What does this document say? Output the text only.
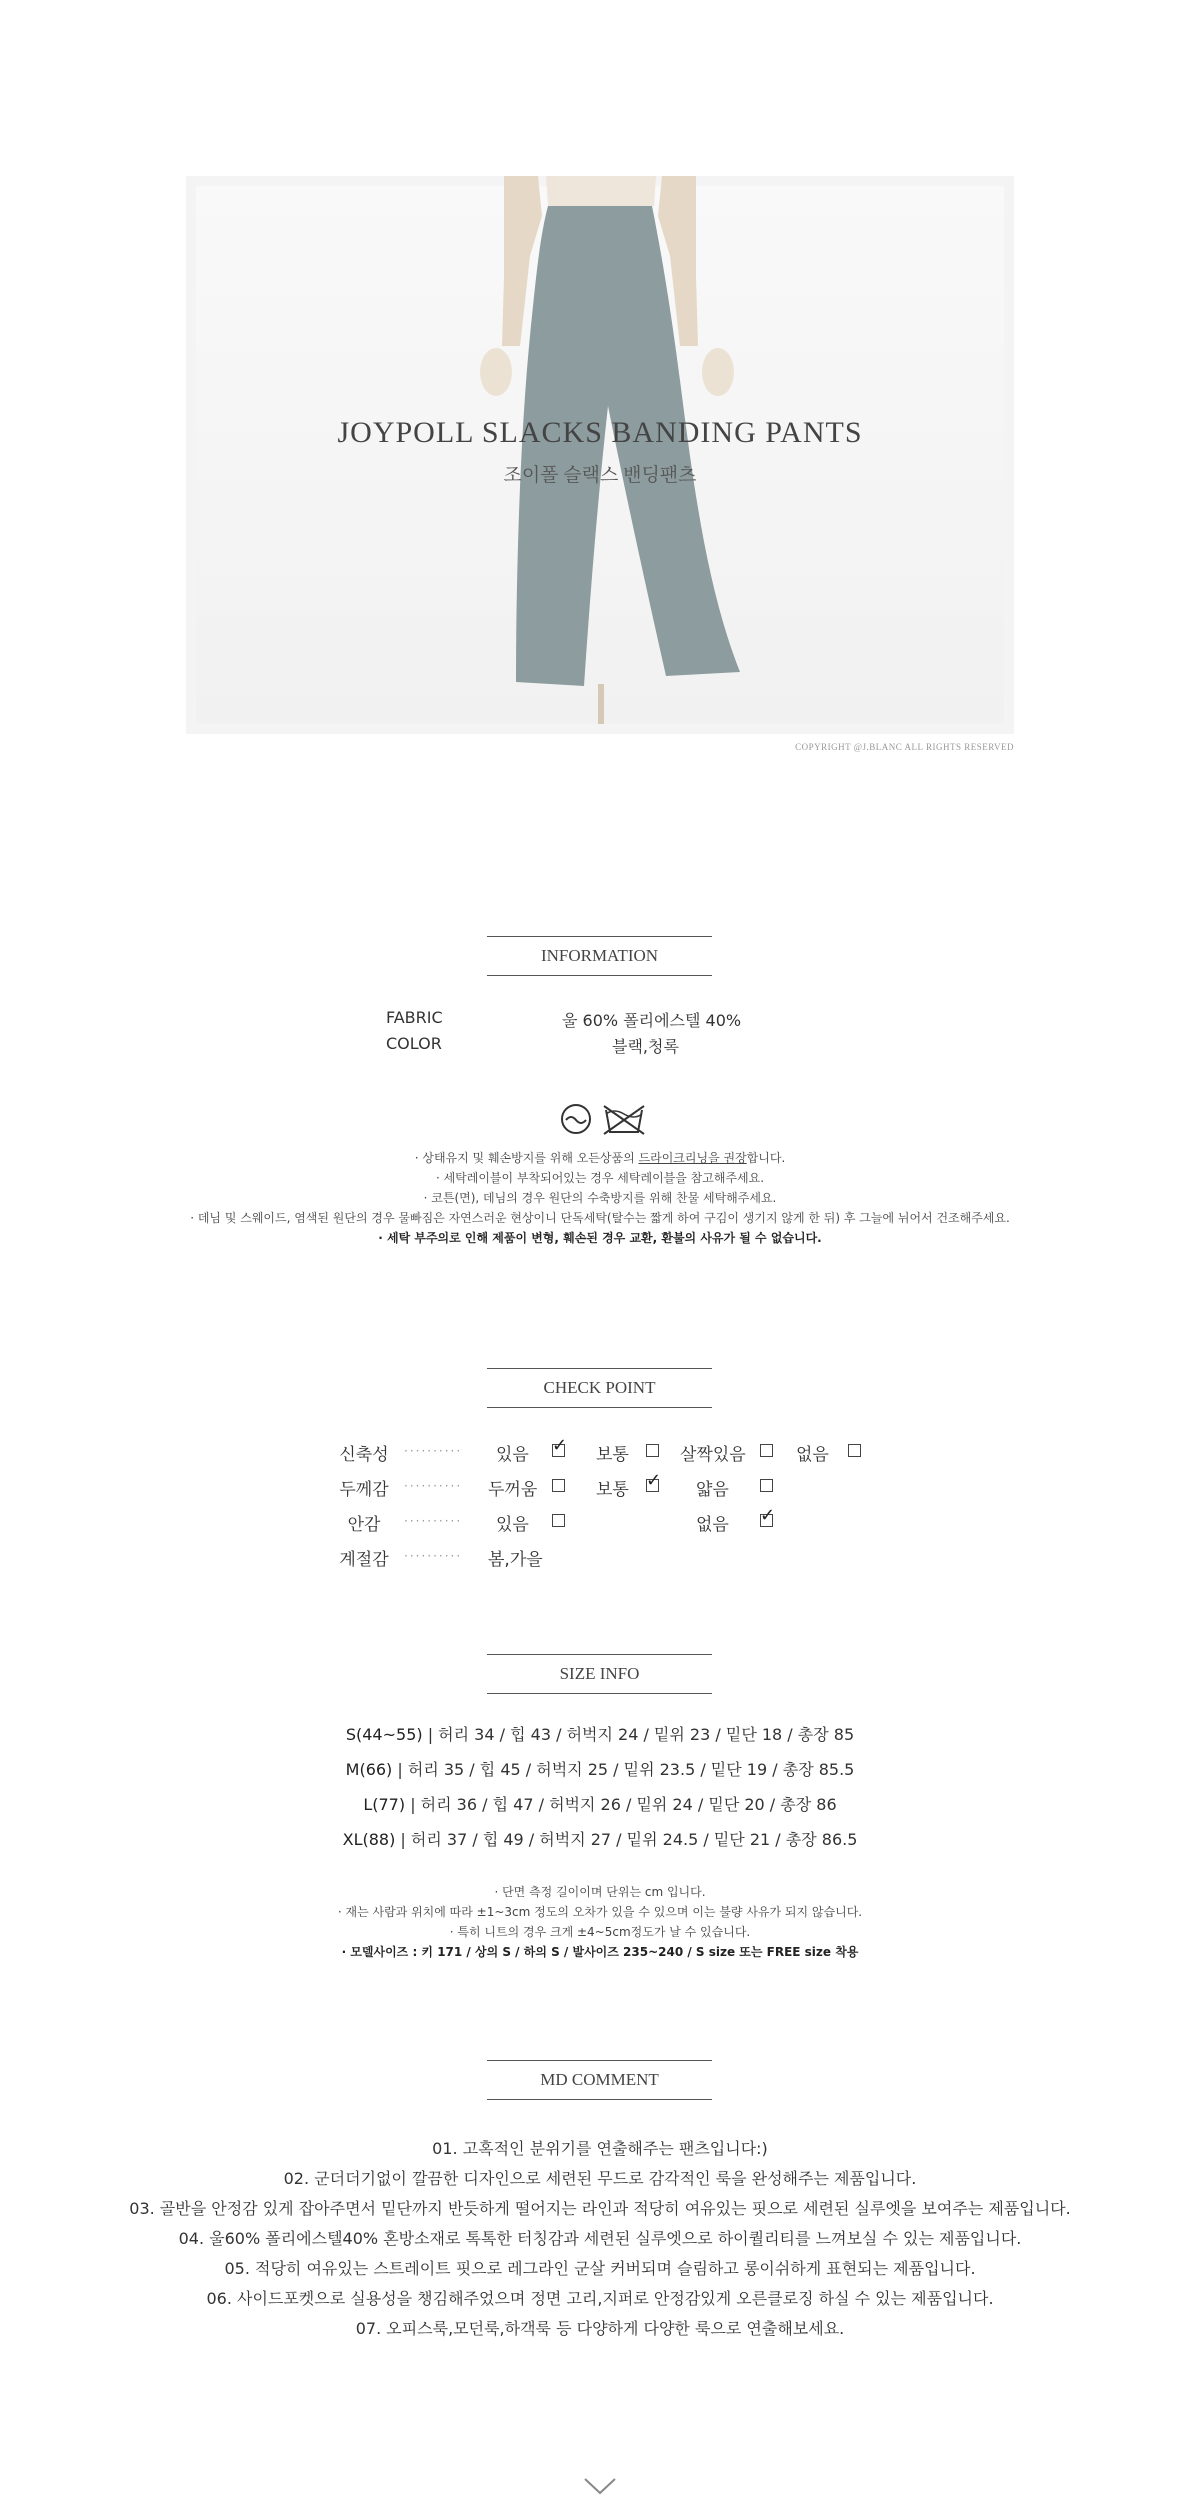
JOYPOLL SLACKS BANDING PANTS
조이폴 슬랙스 밴딩팬츠
COPYRIGHT @J.BLANC ALL RIGHTS RESERVED
INFORMATION
FABRIC	울 60% 폴리에스텔 40%
COLOR	블랙,청록
· 상태유지 및 훼손방지를 위해 오든상품의 드라이크리닝을 권장합니다.
· 세탁레이블이 부착되어있는 경우 세탁레이블을 참고해주세요.
· 코튼(면), 데님의 경우 원단의 수축방지를 위해 찬물 세탁해주세요.
· 데님 및 스웨이드, 염색된 원단의 경우 물빠짐은 자연스러운 현상이니 단독세탁(탈수는 짧게 하여 구김이 생기지 않게 한 뒤) 후 그늘에 뉘어서 건조해주세요.
· 세탁 부주의로 인해 제품이 변형, 훼손된 경우 교환, 환불의 사유가 될 수 없습니다.
CHECK POINT
신축성	·········· 있음 ✓ 보통	살짝있음	없음
두께감	·········· 두꺼움	보통 ✓ 얇음
안감	·········· 있음	없음 ✓
계절감	·········· 봄,가을
SIZE INFO
S(44~55) | 허리 34 / 힙 43 / 허벅지 24 / 밑위 23 / 밑단 18 / 총장 85
M(66) | 허리 35 / 힙 45 / 허벅지 25 / 밑위 23.5 / 밑단 19 / 총장 85.5
L(77) | 허리 36 / 힙 47 / 허벅지 26 / 밑위 24 / 밑단 20 / 총장 86
XL(88) | 허리 37 / 힙 49 / 허벅지 27 / 밑위 24.5 / 밑단 21 / 총장 86.5
· 단면 측정 길이이며 단위는 cm 입니다.
· 재는 사람과 위치에 따라 ±1~3cm 정도의 오차가 있을 수 있으며 이는 불량 사유가 되지 않습니다.
· 특히 니트의 경우 크게 ±4~5cm정도가 날 수 있습니다.
· 모델사이즈 : 키 171 / 상의 S / 하의 S / 발사이즈 235~240 / S size 또는 FREE size 착용
MD COMMENT
01. 고혹적인 분위기를 연출해주는 팬츠입니다:)
02. 군더더기없이 깔끔한 디자인으로 세련된 무드로 감각적인 룩을 완성해주는 제품입니다.
03. 골반을 안정감 있게 잡아주면서 밑단까지 반듯하게 떨어지는 라인과 적당히 여유있는 핏으로 세련된 실루엣을 보여주는 제품입니다.
04. 울60% 폴리에스텔40% 혼방소재로 톡톡한 터칭감과 세련된 실루엣으로 하이퀄리티를 느껴보실 수 있는 제품입니다.
05. 적당히 여유있는 스트레이트 핏으로 레그라인 군살 커버되며 슬림하고 롱이쉬하게 표현되는 제품입니다.
06. 사이드포켓으로 실용성을 챙김해주었으며 정면 고리,지퍼로 안정감있게 오른클로징 하실 수 있는 제품입니다.
07. 오피스룩,모던룩,하객룩 등 다양하게 다양한 룩으로 연출해보세요.
